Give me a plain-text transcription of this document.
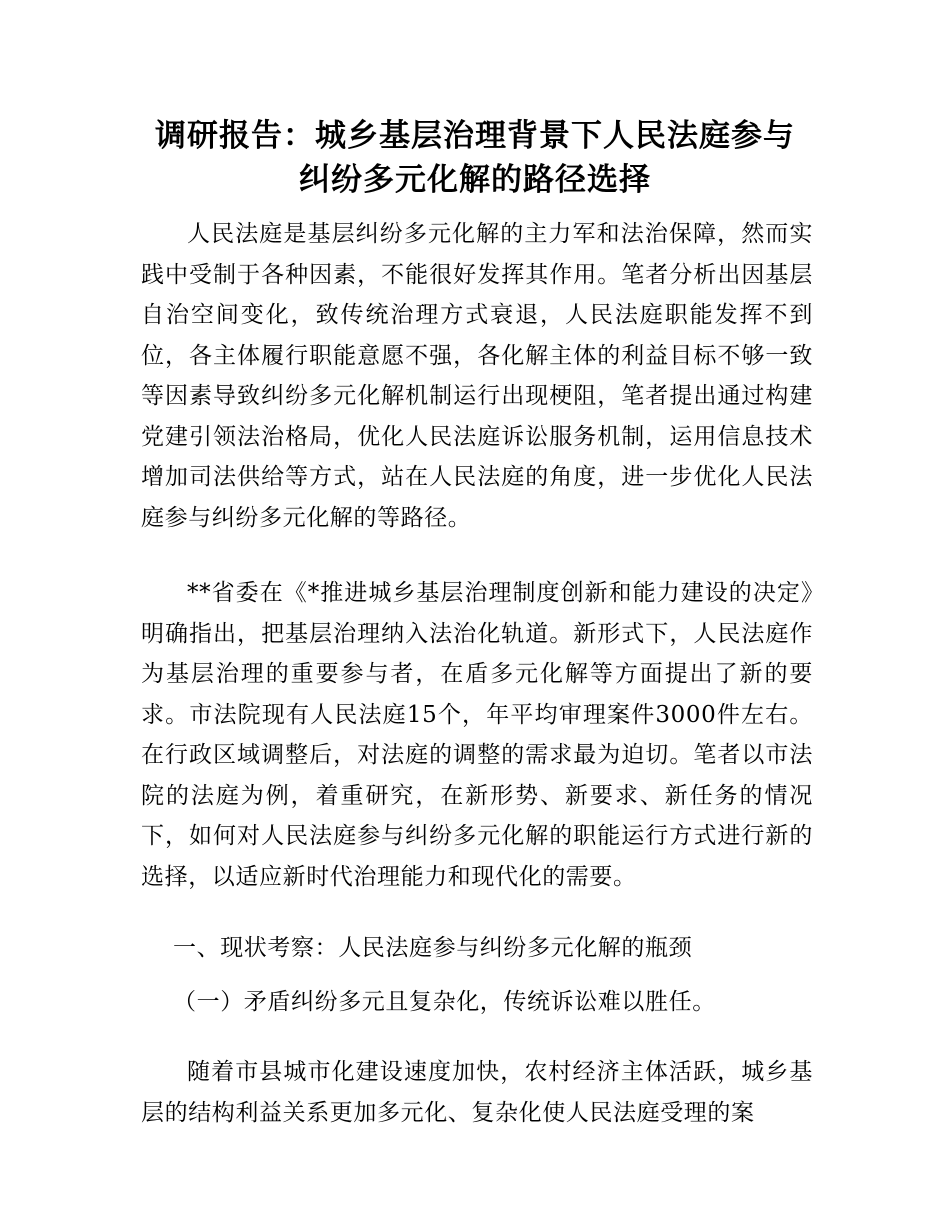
调研报告：城乡基层治理背景下人民法庭参与
纠纷多元化解的路径选择

人民法庭是基层纠纷多元化解的主力军和法治保障，然而实践中受制于各种因素，不能很好发挥其作用。笔者分析出因基层自治空间变化，致传统治理方式衰退，人民法庭职能发挥不到位，各主体履行职能意愿不强，各化解主体的利益目标不够一致等因素导致纠纷多元化解机制运行出现梗阻，笔者提出通过构建党建引领法治格局，优化人民法庭诉讼服务机制，运用信息技术增加司法供给等方式，站在人民法庭的角度，进一步优化人民法庭参与纠纷多元化解的等路径。

**省委在《*推进城乡基层治理制度创新和能力建设的决定》明确指出，把基层治理纳入法治化轨道。新形式下，人民法庭作为基层治理的重要参与者，在盾多元化解等方面提出了新的要求。市法院现有人民法庭15个，年平均审理案件3000件左右。在行政区域调整后，对法庭的调整的需求最为迫切。笔者以市法院的法庭为例，着重研究，在新形势、新要求、新任务的情况下，如何对人民法庭参与纠纷多元化解的职能运行方式进行新的选择，以适应新时代治理能力和现代化的需要。

一、现状考察：人民法庭参与纠纷多元化解的瓶颈

（一）矛盾纠纷多元且复杂化，传统诉讼难以胜任。

随着市县城市化建设速度加快，农村经济主体活跃，城乡基层的结构利益关系更加多元化、复杂化使人民法庭受理的案
